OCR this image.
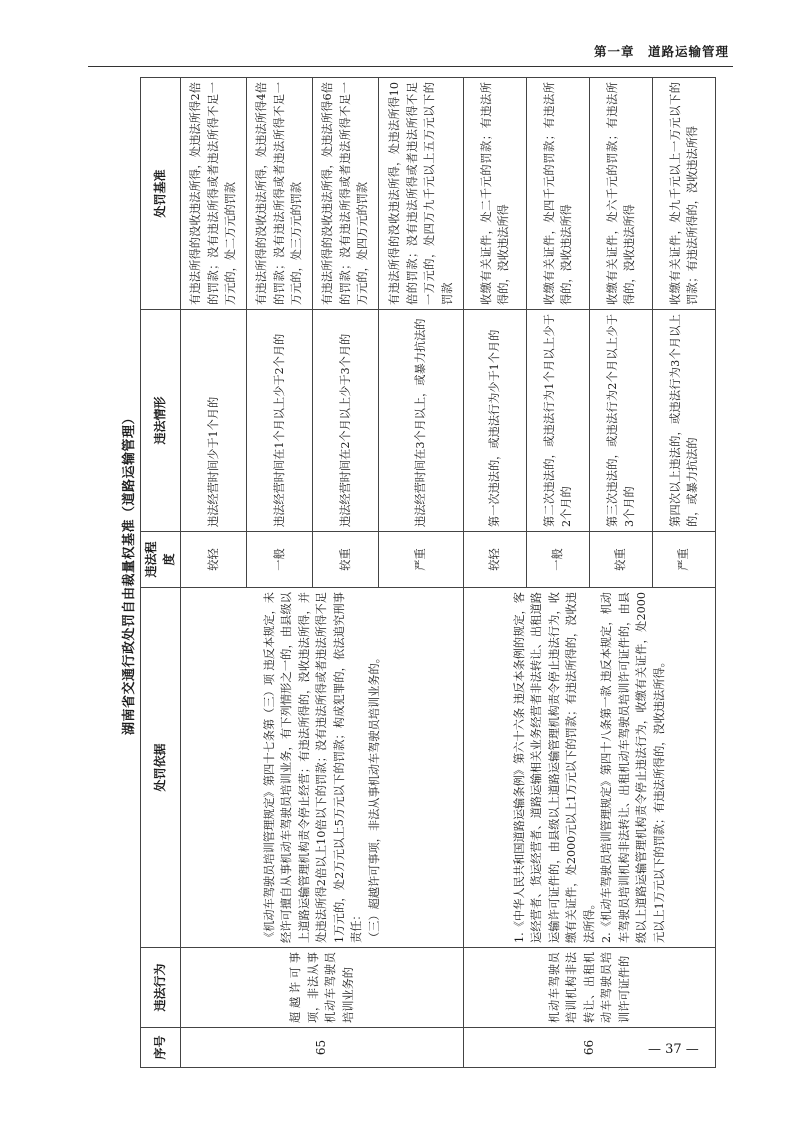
第一章　道路运输管理
湖南省交通行政处罚自由裁量权基准（道路运输管理）
序号	违法行为	处罚依据	违法程度	违法情形	处罚基准
65	超越许可事项，非法从事机动车驾驶员培训业务的	《机动车驾驶员培训管理规定》第四十七条第（三）项 违反本规定，未经许可擅自从事机动车驾驶员培训业务，有下列情形之一的，由县级以上道路运输管理机构责令停止经营；有违法所得的，没收违法所得，并处违法所得2倍以上10倍以下的罚款；没有违法所得或者违法所得不足1万元的，处2万元以上5万元以下的罚款；构成犯罪的，依法追究刑事责任： （三）超越许可事项，非法从事机动车驾驶员培训业务的。	较轻	违法经营时间少于1个月的	有违法所得的没收违法所得，处违法所得2倍的罚款；没有违法所得或者违法所得不足一万元的，处二万元的罚款
			一般	违法经营时间在1个月以上少于2个月的	有违法所得的没收违法所得，处违法所得4倍的罚款；没有违法所得或者违法所得不足一万元的，处三万元的罚款
			较重	违法经营时间在2个月以上少于3个月的	有违法所得的没收违法所得，处违法所得6倍的罚款；没有违法所得或者违法所得不足一万元的，处四万元的罚款
			严重	违法经营时间在3个月以上，或暴力抗法的	有违法所得的没收违法所得，处违法所得10倍的罚款；没有违法所得或者违法所得不足一万元的，处四万九千元以上五万元以下的罚款
66	机动车驾驶员培训机构非法转让、出租机动车驾驶员培训许可证件的	1.《中华人民共和国道路运输条例》第六十六条 违反本条例的规定，客运经营者、货运经营者、道路运输相关业务经营者非法转让、出租道路运输许可证件的，由县级以上道路运输管理机构责令停止违法行为，收缴有关证件，处2000元以上1万元以下的罚款；有违法所得的，没收违法所得。 2.《机动车驾驶员培训管理规定》第四十八条第一款 违反本规定，机动车驾驶员培训机构非法转让、出租机动车驾驶员培训许可证件的，由县级以上道路运输管理机构责令停止违法行为，收缴有关证件，处2000元以上1万元以下的罚款；有违法所得的，没收违法所得。	较轻	第一次违法的，或违法行为少于1个月的	收缴有关证件，处二千元的罚款；有违法所得的，没收违法所得
			一般	第二次违法的，或违法行为1个月以上少于2个月的	收缴有关证件，处四千元的罚款；有违法所得的，没收违法所得
			较重	第三次违法的，或违法行为2个月以上少于3个月的	收缴有关证件，处六千元的罚款；有违法所得的，没收违法所得
			严重	第四次以上违法的，或违法行为3个月以上的，或暴力抗法的	收缴有关证件，处九千元以上一万元以下的罚款；有违法所得的，没收违法所得
— 37 —
